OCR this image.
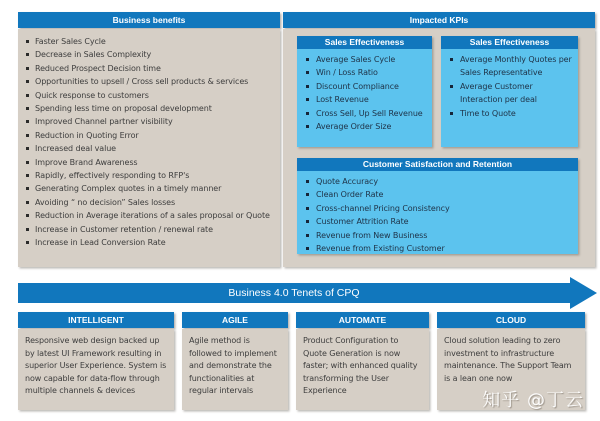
Business benefits
Faster Sales Cycle
Decrease in Sales Complexity
Reduced Prospect Decision time
Opportunities to upsell / Cross sell products & services
Quick response to customers
Spending less time on proposal development
Improved Channel partner visibility
Reduction in Quoting Error
Increased deal value
Improve Brand Awareness
Rapidly, effectively responding to RFP's
Generating Complex quotes in a timely manner
Avoiding “ no decision” Sales losses
Reduction in Average iterations of a sales proposal or Quote
Increase in Customer retention / renewal rate
Increase in Lead Conversion Rate
Impacted KPIs
Sales Effectiveness
Average Sales Cycle
Win / Loss Ratio
Discount Compliance
Lost Revenue
Cross Sell, Up Sell Revenue
Average Order Size
Sales Effectiveness
Average Monthly Quotes per Sales Representative
Average Customer Interaction per deal
Time to Quote
Customer Satisfaction and Retention
Quote Accuracy
Clean Order Rate
Cross-channel Pricing Consistency
Customer Attrition Rate
Revenue from New Business
Revenue from Existing Customer
Business 4.0 Tenets of CPQ
INTELLIGENT
Responsive web design backed up by latest UI Framework resulting in superior User Experience. System is now capable for data-flow through multiple channels & devices
AGILE
Agile method is followed to implement and demonstrate the functionalities at regular intervals
AUTOMATE
Product Configuration to Quote Generation is now faster; with enhanced quality transforming the User Experience
CLOUD
Cloud solution leading to zero investment to infrastructure maintenance. The Support Team is a lean one now
知乎 @丁云
